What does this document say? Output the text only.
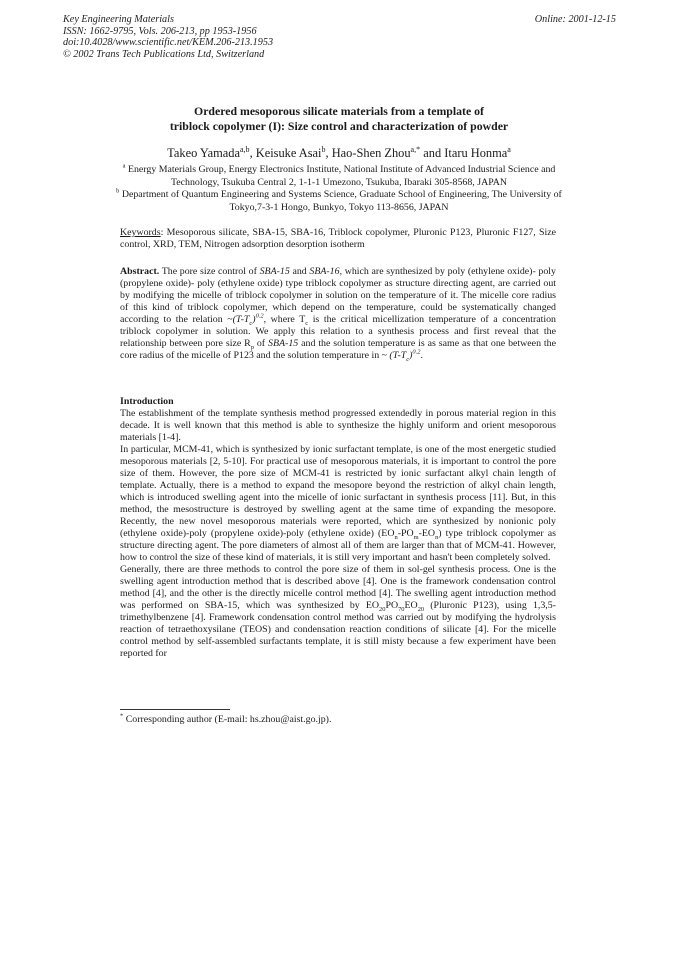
Key Engineering Materials
ISSN: 1662-9795, Vols. 206-213, pp 1953-1956
doi:10.4028/www.scientific.net/KEM.206-213.1953
© 2002 Trans Tech Publications Ltd, Switzerland
Online: 2001-12-15
Ordered mesoporous silicate materials from a template of
triblock copolymer (I): Size control and characterization of powder
Takeo Yamada$^{a,b}$, Keisuke Asai$^b$, Hao-Shen Zhou$^{a,*}$ and Itaru Honma$^a$
$^a$ Energy Materials Group, Energy Electronics Institute, National Institute of Advanced Industrial Science and Technology, Tsukuba Central 2, 1-1-1 Umezono, Tsukuba, Ibaraki 305-8568, JAPAN
$^b$ Department of Quantum Engineering and Systems Science, Graduate School of Engineering, The University of Tokyo,7-3-1 Hongo, Bunkyo, Tokyo 113-8656, JAPAN
Keywords: Mesoporous silicate, SBA-15, SBA-16, Triblock copolymer, Pluronic P123, Pluronic F127, Size control, XRD, TEM, Nitrogen adsorption desorption isotherm
Abstract. The pore size control of SBA-15 and SBA-16, which are synthesized by poly (ethylene oxide)- poly (propylene oxide)- poly (ethylene oxide) type triblock copolymer as structure directing agent, are carried out by modifying the micelle of triblock copolymer in solution on the temperature of it. The micelle core radius of this kind of triblock copolymer, which depend on the temperature, could be systematically changed according to the relation $\sim(T-T_c)^{0.2}$, where $T_c$ is the critical micellization temperature of a concentration triblock copolymer in solution. We apply this relation to a synthesis process and first reveal that the relationship between pore size $R_p$ of SBA-15 and the solution temperature is as same as that one between the core radius of the micelle of P123 and the solution temperature in ~ $(T-T_c)^{0.2}$.
Introduction

The establishment of the template synthesis method progressed extendedly in porous material region in this decade. It is well known that this method is able to synthesize the highly uniform and orient mesoporous materials [1-4].

In particular, MCM-41, which is synthesized by ionic surfactant template, is one of the most energetic studied mesoporous materials [2, 5-10]. For practical use of mesoporous materials, it is important to control the pore size of them. However, the pore size of MCM-41 is restricted by ionic surfactant alkyl chain length of template. Actually, there is a method to expand the mesopore beyond the restriction of alkyl chain length, which is introduced swelling agent into the micelle of ionic surfactant in synthesis process [11]. But, in this method, the mesostructure is destroyed by swelling agent at the same time of expanding the mesopore. Recently, the new novel mesoporous materials were reported, which are synthesized by nonionic poly (ethylene oxide)-poly (propylene oxide)-poly (ethylene oxide) $(EO_n-PO_m-EO_n)$ type triblock copolymer as structure directing agent. The pore diameters of almost all of them are larger than that of MCM-41. However, how to control the size of these kind of materials, it is still very important and hasn't been completely solved.

Generally, there are three methods to control the pore size of them in sol-gel synthesis process. One is the swelling agent introduction method that is described above [4]. One is the framework condensation control method [4], and the other is the directly micelle control method [4]. The swelling agent introduction method was performed on SBA-15, which was synthesized by $EO_{20}PO_{70}EO_{20}$ (Pluronic P123), using 1,3,5-trimethylbenzene [4]. Framework condensation control method was carried out by modifying the hydrolysis reaction of tetraethoxysilane (TEOS) and condensation reaction conditions of silicate [4]. For the micelle control method by self-assembled surfactants template, it is still misty because a few experiment have been reported for

* Corresponding author (E-mail: hs.zhou@aist.go.jp).
